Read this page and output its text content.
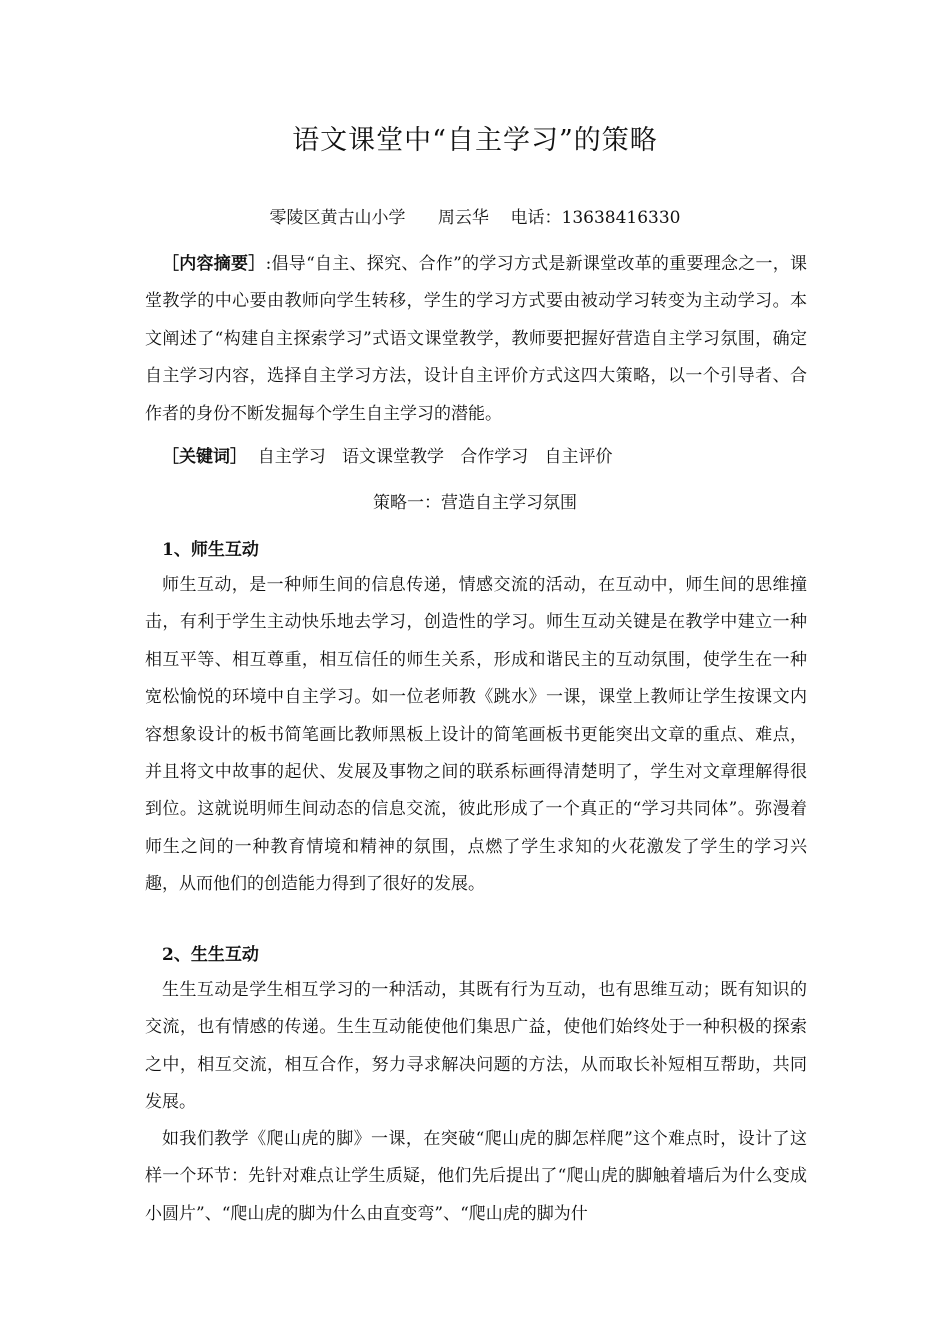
语文课堂中“自主学习”的策略
零陵区黄古山小学      周云华    电话：13638416330

［内容摘要］:倡导“自主、探究、合作”的学习方式是新课堂改革的重要理念之一，课堂教学的中心要由教师向学生转移，学生的学习方式要由被动学习转变为主动学习。本文阐述了“构建自主探索学习”式语文课堂教学，教师要把握好营造自主学习氛围，确定自主学习内容，选择自主学习方法，设计自主评价方式这四大策略，以一个引导者、合作者的身份不断发掘每个学生自主学习的潜能。

［关键词］  自主学习   语文课堂教学   合作学习   自主评价
策略一：营造自主学习氛围
1、师生互动

师生互动，是一种师生间的信息传递，情感交流的活动，在互动中，师生间的思维撞击，有利于学生主动快乐地去学习，创造性的学习。师生互动关键是在教学中建立一种相互平等、相互尊重，相互信任的师生关系，形成和谐民主的互动氛围，使学生在一种宽松愉悦的环境中自主学习。如一位老师教《跳水》一课，课堂上教师让学生按课文内容想象设计的板书简笔画比教师黑板上设计的简笔画板书更能突出文章的重点、难点，并且将文中故事的起伏、发展及事物之间的联系标画得清楚明了，学生对文章理解得很到位。这就说明师生间动态的信息交流，彼此形成了一个真正的“学习共同体”。弥漫着师生之间的一种教育情境和精神的氛围，点燃了学生求知的火花激发了学生的学习兴趣，从而他们的创造能力得到了很好的发展。

2、生生互动

生生互动是学生相互学习的一种活动，其既有行为互动，也有思维互动；既有知识的交流，也有情感的传递。生生互动能使他们集思广益，使他们始终处于一种积极的探索之中，相互交流，相互合作，努力寻求解决问题的方法，从而取长补短相互帮助，共同发展。

如我们教学《爬山虎的脚》一课，在突破“爬山虎的脚怎样爬”这个难点时，设计了这样一个环节：先针对难点让学生质疑，他们先后提出了“爬山虎的脚触着墙后为什么变成小圆片”、“爬山虎的脚为什么由直变弯”、“爬山虎的脚为什
